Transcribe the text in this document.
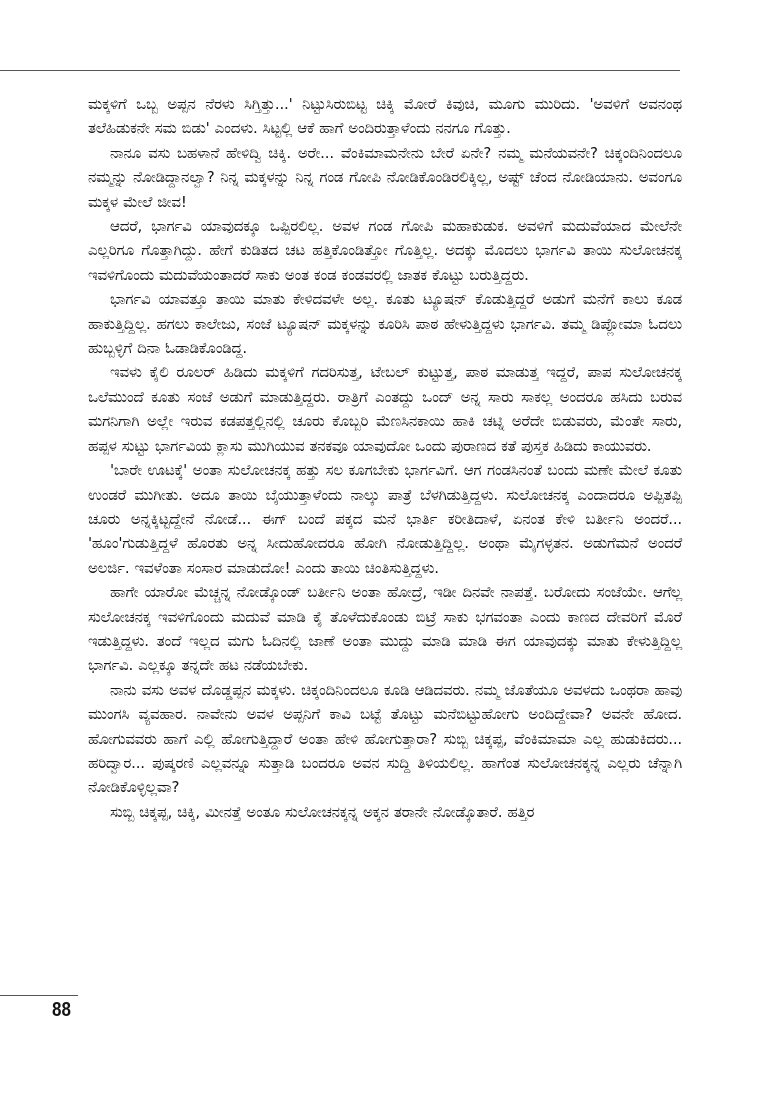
ಮಕ್ಕಳಿಗೆ ಒಬ್ಬ ಅಪ್ಪನ ನೆರಳು ಸಿಗ್ತಿತ್ತು...' ನಿಟ್ಟುಸಿರುಬಿಟ್ಟ ಚಿಕ್ಕಿ ಮೋರೆ ಕಿವುಚಿ, ಮೂಗು ಮುರಿದು. 'ಅವಳಿಗೆ ಅವನಂಥ ತಲೆಹಿಡುಕನೇ ಸಮ ಬಿಡು' ಎಂದಳು. ಸಿಟ್ಟಲ್ಲಿ ಆಕೆ ಹಾಗೆ ಅಂದಿರುತ್ತಾಳೆಂದು ನನಗೂ ಗೊತ್ತು.

ನಾನೂ ವಸು ಬಹಳಾನೆ ಹೇಳಿದ್ವಿ ಚಿಕ್ಕಿ. ಅರೇ... ವೆಂಕಿಮಾಮನೇನು ಬೇರೆ ಏನೇ? ನಮ್ಮ ಮನೆಯವನೇ? ಚಿಕ್ಕಂದಿನಿಂದಲೂ ನಮ್ಮನ್ನು ನೋಡಿದ್ದಾನಲ್ವಾ? ನಿನ್ನ ಮಕ್ಕಳನ್ನು ನಿನ್ನ ಗಂಡ ಗೋಪಿ ನೋಡಿಕೊಂಡಿರಲಿಕ್ಕಿಲ್ಲ, ಅಷ್ಟ್ ಚೆಂದ ನೋಡಿಯಾನು. ಅವಂಗೂ ಮಕ್ಕಳ ಮೇಲೆ ಜೀವ!

ಆದರೆ, ಭಾರ್ಗವಿ ಯಾವುದಕ್ಕೂ ಒಪ್ಪಿರಲಿಲ್ಲ. ಅವಳ ಗಂಡ ಗೋಪಿ ಮಹಾಕುಡುಕ. ಅವಳಿಗೆ ಮದುವೆಯಾದ ಮೇಲೆನೇ ಎಲ್ಲರಿಗೂ ಗೊತ್ತಾಗಿದ್ದು. ಹೇಗೆ ಕುಡಿತದ ಚಟ ಹತ್ತಿಕೊಂಡಿತ್ತೋ ಗೊತ್ತಿಲ್ಲ. ಅದಕ್ಕು ಮೊದಲು ಭಾರ್ಗವಿ ತಾಯಿ ಸುಲೋಚನಕ್ಕ ಇವಳಿಗೊಂದು ಮದುವೆಯಂತಾದರೆ ಸಾಕು ಅಂತ ಕಂಡ ಕಂಡವರಲ್ಲಿ ಜಾತಕ ಕೊಟ್ಟು ಬರುತ್ತಿದ್ದರು.

ಭಾರ್ಗವಿ ಯಾವತ್ತೂ ತಾಯಿ ಮಾತು ಕೇಳಿದವಳೇ ಅಲ್ಲ. ಕೂತು ಟ್ಯೂಷನ್ ಕೊಡುತ್ತಿದ್ದರೆ ಅಡುಗೆ ಮನೆಗೆ ಕಾಲು ಕೂಡ ಹಾಕುತ್ತಿದ್ದಿಲ್ಲ. ಹಗಲು ಕಾಲೇಜು, ಸಂಜೆ ಟ್ಯೂಷನ್ ಮಕ್ಕಳನ್ನು ಕೂರಿಸಿ ಪಾಠ ಹೇಳುತ್ತಿದ್ದಳು ಭಾರ್ಗವಿ. ತಮ್ಮ ಡಿಪ್ಲೋಮಾ ಓದಲು ಹುಬ್ಬಳ್ಳಿಗೆ ದಿನಾ ಓಡಾಡಿಕೊಂಡಿದ್ದ.

ಇವಳು ಕೈಲಿ ರೂಲರ್ ಹಿಡಿದು ಮಕ್ಕಳಿಗೆ ಗದರಿಸುತ್ತ, ಟೇಬಲ್ ಕುಟ್ಟುತ್ತ, ಪಾಠ ಮಾಡುತ್ತ ಇದ್ದರೆ, ಪಾಪ ಸುಲೋಚನಕ್ಕ ಒಲೆಮುಂದೆ ಕೂತು ಸಂಜೆ ಅಡುಗೆ ಮಾಡುತ್ತಿದ್ದರು. ರಾತ್ರಿಗೆ ಎಂತದ್ದು ಒಂದ್ ಅನ್ನ ಸಾರು ಸಾಕಲ್ಲ ಅಂದರೂ ಹಸಿದು ಬರುವ ಮಗನಿಗಾಗಿ ಅಲ್ಲೇ ಇರುವ ಕಡಪತ್ತಲ್ಲಿನಲ್ಲಿ ಚೂರು ಕೊಬ್ಬರಿ ಮೆಣಸಿನಕಾಯಿ ಹಾಕಿ ಚಟ್ನಿ ಅರೆದೇ ಬಿಡುವರು, ಮೆಂತೇ ಸಾರು, ಹಪ್ಪಳ ಸುಟ್ಟು ಭಾರ್ಗವಿಯ ಕ್ಲಾಸು ಮುಗಿಯುವ ತನಕವೂ ಯಾವುದೋ ಒಂದು ಪುರಾಣದ ಕತೆ ಪುಸ್ತಕ ಹಿಡಿದು ಕಾಯುವರು.

'ಬಾರೇ ಊಟಕ್ಕೆ' ಅಂತಾ ಸುಲೋಚನಕ್ಕ ಹತ್ತು ಸಲ ಕೂಗಬೇಕು ಭಾರ್ಗವಿಗೆ. ಆಗ ಗಂಡಸಿನಂತೆ ಬಂದು ಮಣೇ ಮೇಲೆ ಕೂತು ಉಂಡರೆ ಮುಗೀತು. ಅದೂ ತಾಯಿ ಬೈಯುತ್ತಾಳೆಂದು ನಾಲ್ಕು ಪಾತ್ರೆ ಬೆಳಗಿಡುತ್ತಿದ್ದಳು. ಸುಲೋಚನಕ್ಕ ಎಂದಾದರೂ ಅಪ್ಪಿತಪ್ಪಿ ಚೂರು ಅನ್ನಕ್ಕಿಟ್ಟದ್ದೇನೆ ನೋಡೆ... ಈಗ್ ಬಂದೆ ಪಕ್ಕದ ಮನೆ ಭಾರ್ತಿ ಕರೀತಿದಾಳೆ, ಏನಂತ ಕೇಳಿ ಬರ್ತೀನಿ ಅಂದರೆ... 'ಹೂಂ'ಗುಡುತ್ತಿದ್ದಳೆ ಹೊರತು ಅನ್ನ ಸೀದುಹೋದರೂ ಹೋಗಿ ನೋಡುತ್ತಿದ್ದಿಲ್ಲ. ಅಂಥಾ ಮೈಗಳ್ಳತನ. ಅಡುಗೆಮನೆ ಅಂದರೆ ಅಲರ್ಜಿ. ಇವಳೆಂತಾ ಸಂಸಾರ ಮಾಡುದೋ! ಎಂದು ತಾಯಿ ಚಿಂತಿಸುತ್ತಿದ್ದಳು.

ಹಾಗೇ ಯಾರೋ ಮೆಚ್ಚನ್ನ ನೋಡ್ಕೊಂಡ್ ಬರ್ತೀನಿ ಅಂತಾ ಹೋದ್ರೆ, ಇಡೀ ದಿನವೇ ನಾಪತ್ತೆ. ಬರೋದು ಸಂಜೆಯೇ. ಆಗೆಲ್ಲ ಸುಲೋಚನಕ್ಕ ಇವಳಿಗೊಂದು ಮದುವೆ ಮಾಡಿ ಕೈ ತೊಳೆದುಕೊಂಡು ಬಿಟ್ರೆ ಸಾಕು ಭಗವಂತಾ ಎಂದು ಕಾಣದ ದೇವರಿಗೆ ಮೊರೆ ಇಡುತ್ತಿದ್ದಳು. ತಂದೆ ಇಲ್ಲದ ಮಗು ಓದಿನಲ್ಲಿ ಜಾಣೆ ಅಂತಾ ಮುದ್ದು ಮಾಡಿ ಮಾಡಿ ಈಗ ಯಾವುದಕ್ಕು ಮಾತು ಕೇಳುತ್ತಿದ್ದಿಲ್ಲ ಭಾರ್ಗವಿ. ಎಲ್ಲಕ್ಕೂ ತನ್ನದೇ ಹಟ ನಡೆಯಬೇಕು.

ನಾನು ವಸು ಅವಳ ದೊಡ್ಡಪ್ಪನ ಮಕ್ಕಳು. ಚಿಕ್ಕಂದಿನಿಂದಲೂ ಕೂಡಿ ಆಡಿದವರು. ನಮ್ಮ ಜೊತೆಯೂ ಅವಳದು ಒಂಥರಾ ಹಾವು ಮುಂಗಸಿ ವ್ಯವಹಾರ. ನಾವೇನು ಅವಳ ಅಪ್ಪನಿಗೆ ಕಾವಿ ಬಟ್ಟೆ ತೊಟ್ಟು ಮನೆಬಿಟ್ಟುಹೋಗು ಅಂದಿದ್ದೇವಾ? ಅವನೇ ಹೋದ. ಹೋಗುವವರು ಹಾಗೆ ಎಲ್ಲಿ ಹೋಗುತ್ತಿದ್ದಾರೆ ಅಂತಾ ಹೇಳಿ ಹೋಗುತ್ತಾರಾ? ಸುಬ್ಬಿ ಚಿಕ್ಕಪ್ಪ, ವೆಂಕಿಮಾಮಾ ಎಲ್ಲ ಹುಡುಕಿದರು... ಹರಿದ್ವಾರ... ಪುಷ್ಕರಣಿ ಎಲ್ಲವನ್ನೂ ಸುತ್ತಾಡಿ ಬಂದರೂ ಅವನ ಸುದ್ದಿ ತಿಳಿಯಲಿಲ್ಲ. ಹಾಗೆಂತ ಸುಲೋಚನಕ್ಕನ್ನ ಎಲ್ಲರು ಚೆನ್ನಾಗಿ ನೋಡಿಕೊಳ್ಳಿಲ್ಲವಾ?

ಸುಬ್ಬಿ ಚಿಕ್ಕಪ್ಪ, ಚಿಕ್ಕಿ, ಮೀನತ್ತೆ ಅಂತೂ ಸುಲೋಚನಕ್ಕನ್ನ ಅಕ್ಕನ ತರಾನೇ ನೋಡ್ಕೊತಾರೆ. ಹತ್ತಿರ

88
